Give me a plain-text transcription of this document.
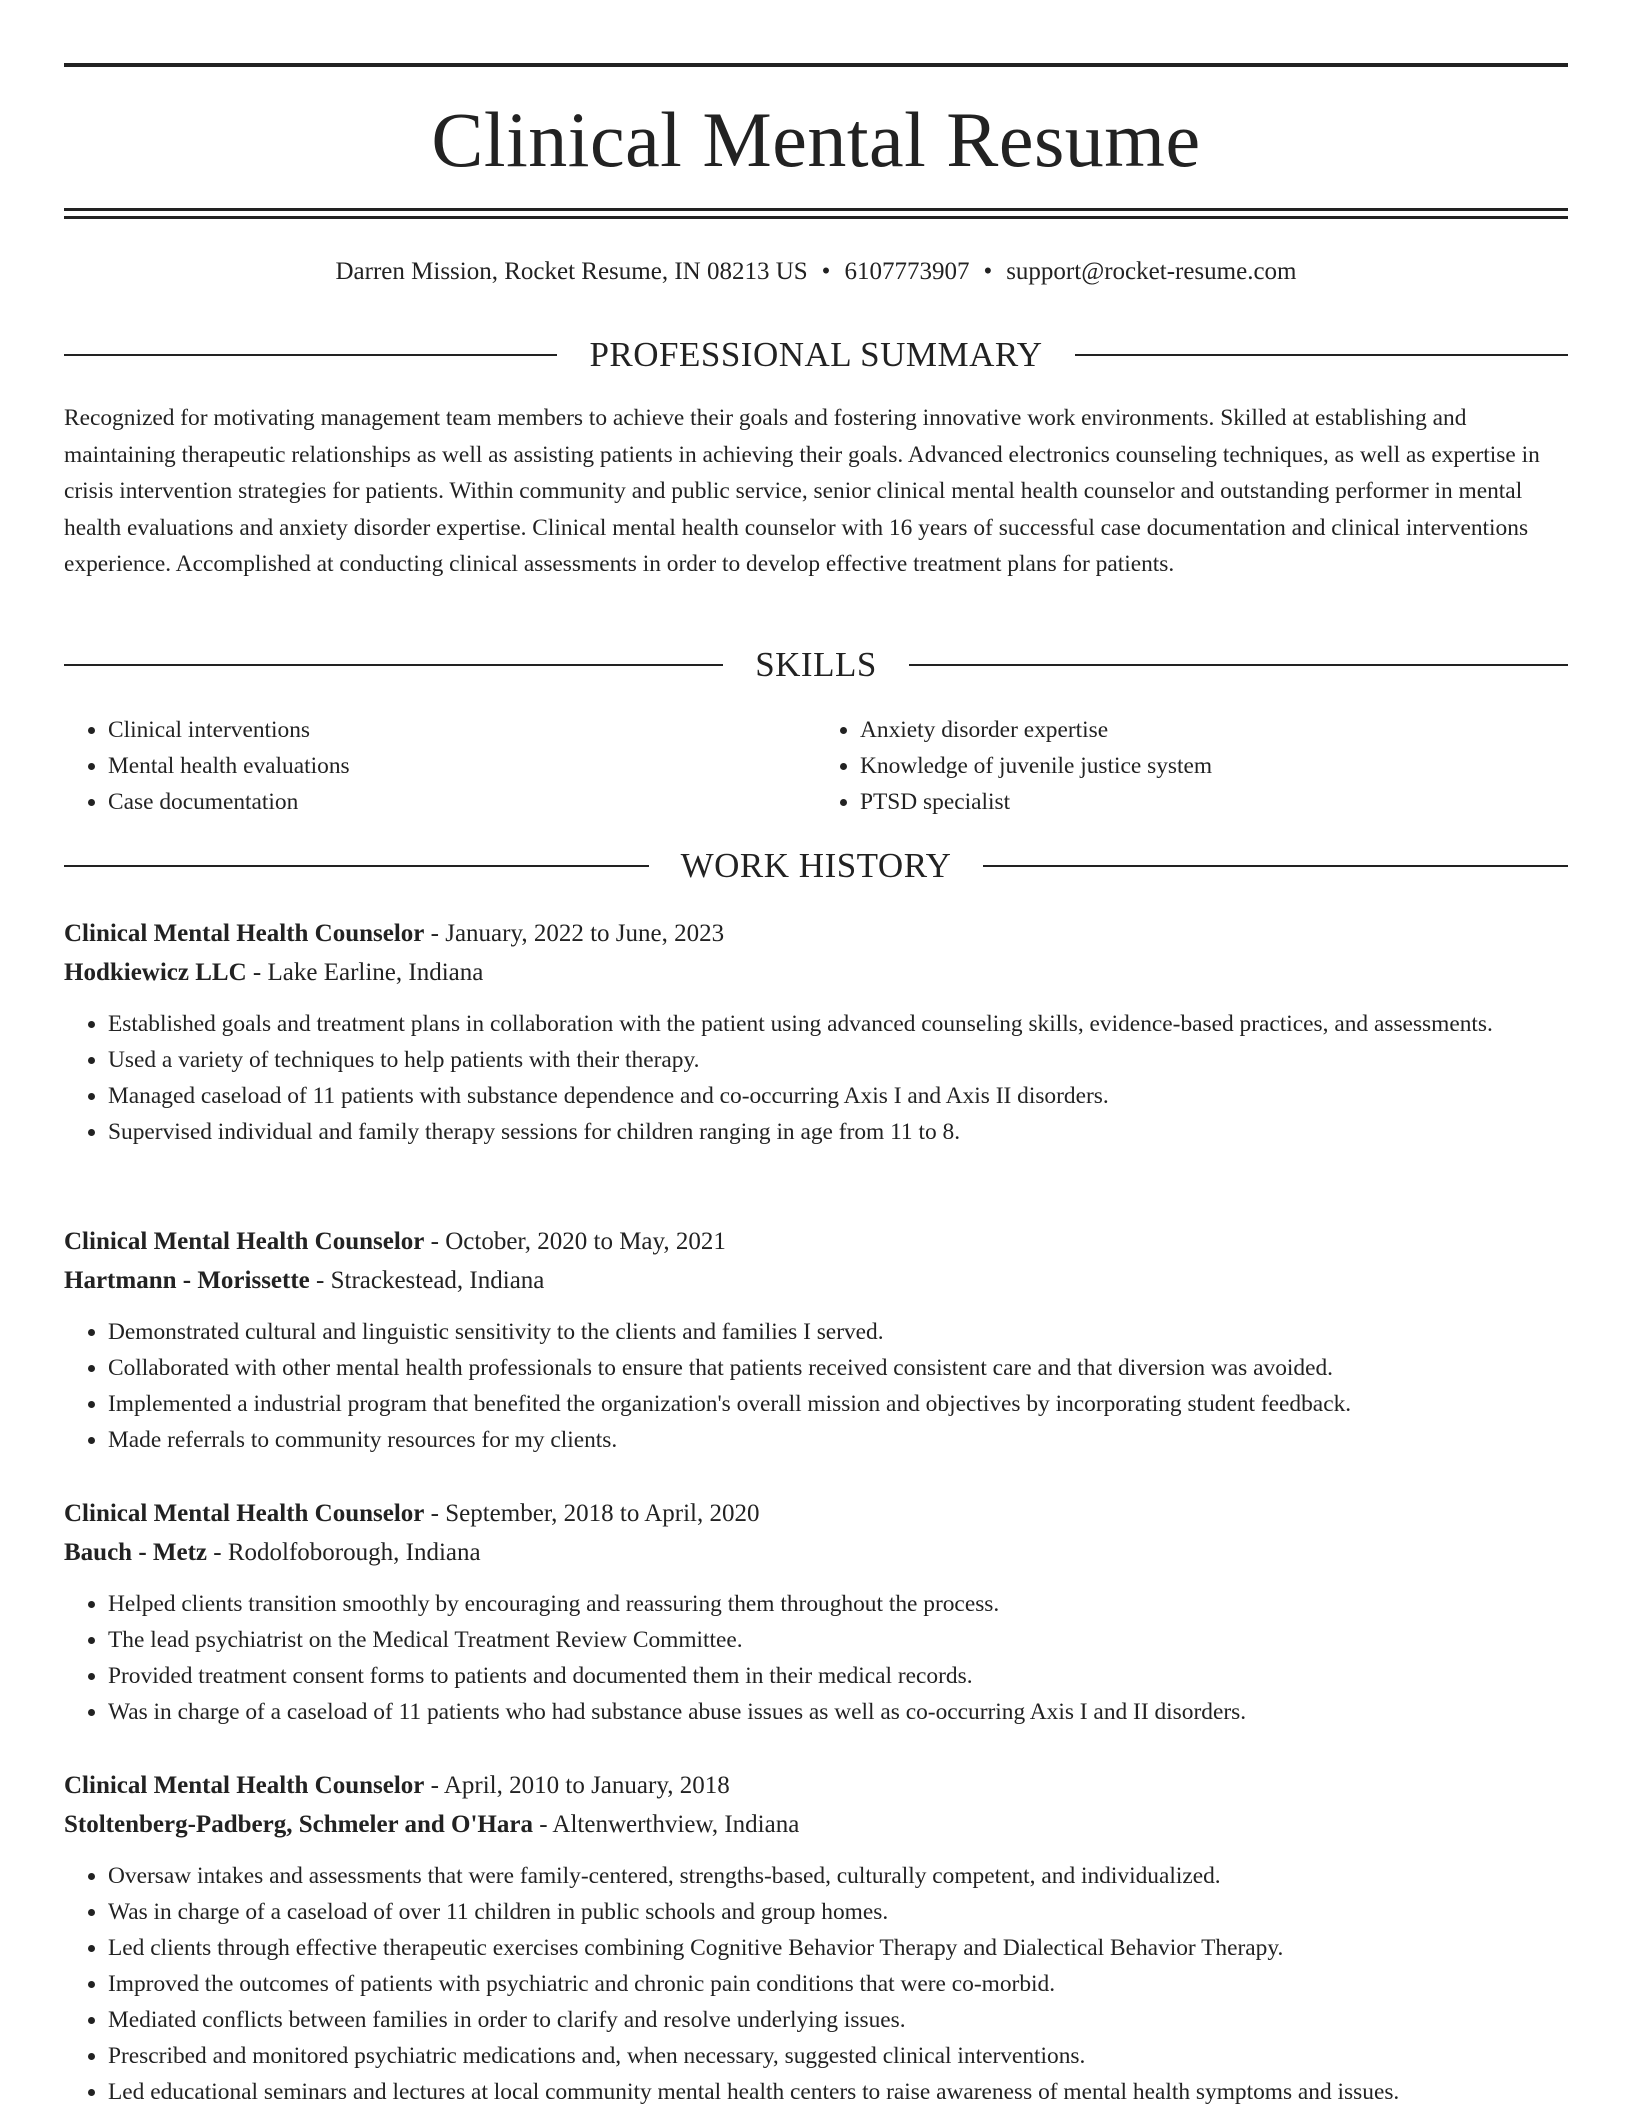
Clinical Mental Resume
Darren Mission, Rocket Resume, IN 08213 US • 6107773907 • support@rocket-resume.com
PROFESSIONAL SUMMARY

Recognized for motivating management team members to achieve their goals and fostering innovative work environments. Skilled at establishing and maintaining therapeutic relationships as well as assisting patients in achieving their goals. Advanced electronics counseling techniques, as well as expertise in crisis intervention strategies for patients. Within community and public service, senior clinical mental health counselor and outstanding performer in mental health evaluations and anxiety disorder expertise. Clinical mental health counselor with 16 years of successful case documentation and clinical interventions experience. Accomplished at conducting clinical assessments in order to develop effective treatment plans for patients.

SKILLS
• Clinical interventions
• Mental health evaluations
• Case documentation
• Anxiety disorder expertise
• Knowledge of juvenile justice system
• PTSD specialist
WORK HISTORY
Clinical Mental Health Counselor - January, 2022 to June, 2023
Hodkiewicz LLC - Lake Earline, Indiana
• Established goals and treatment plans in collaboration with the patient using advanced counseling skills, evidence-based practices, and assessments.
• Used a variety of techniques to help patients with their therapy.
• Managed caseload of 11 patients with substance dependence and co-occurring Axis I and Axis II disorders.
• Supervised individual and family therapy sessions for children ranging in age from 11 to 8.
Clinical Mental Health Counselor - October, 2020 to May, 2021
Hartmann - Morissette - Strackestead, Indiana
• Demonstrated cultural and linguistic sensitivity to the clients and families I served.
• Collaborated with other mental health professionals to ensure that patients received consistent care and that diversion was avoided.
• Implemented a industrial program that benefited the organization's overall mission and objectives by incorporating student feedback.
• Made referrals to community resources for my clients.
Clinical Mental Health Counselor - September, 2018 to April, 2020
Bauch - Metz - Rodolfoborough, Indiana
• Helped clients transition smoothly by encouraging and reassuring them throughout the process.
• The lead psychiatrist on the Medical Treatment Review Committee.
• Provided treatment consent forms to patients and documented them in their medical records.
• Was in charge of a caseload of 11 patients who had substance abuse issues as well as co-occurring Axis I and II disorders.
Clinical Mental Health Counselor - April, 2010 to January, 2018
Stoltenberg-Padberg, Schmeler and O'Hara - Altenwerthview, Indiana
• Oversaw intakes and assessments that were family-centered, strengths-based, culturally competent, and individualized.
• Was in charge of a caseload of over 11 children in public schools and group homes.
• Led clients through effective therapeutic exercises combining Cognitive Behavior Therapy and Dialectical Behavior Therapy.
• Improved the outcomes of patients with psychiatric and chronic pain conditions that were co-morbid.
• Mediated conflicts between families in order to clarify and resolve underlying issues.
• Prescribed and monitored psychiatric medications and, when necessary, suggested clinical interventions.
• Led educational seminars and lectures at local community mental health centers to raise awareness of mental health symptoms and issues.
